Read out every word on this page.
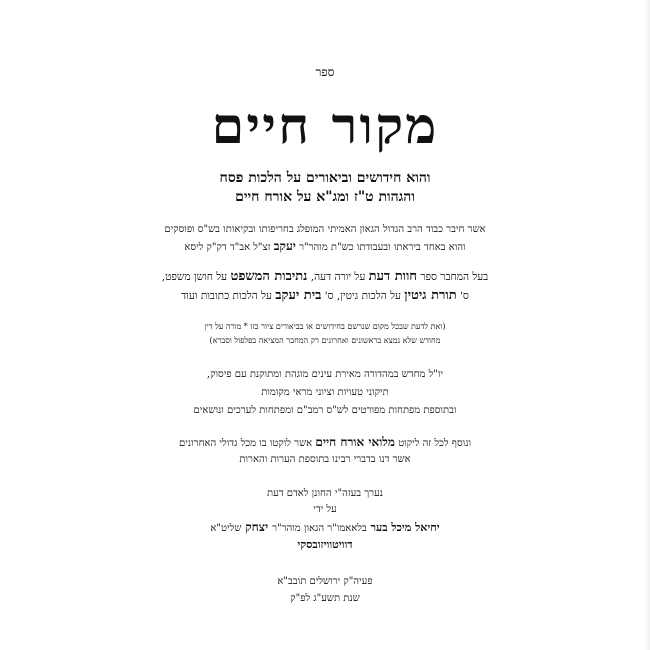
ספר
מקור חיים
והוא חידושים וביאורים על הלכות פסח
והגהות ט"ז ומג"א על אורח חיים
אשר חיבר כבוד הרב הגדול הגאון האמיתי המופלג בחריפותו ובקיאותו בש"ס ופוסקים
והוא באחד ביראתו ובעבודתו כש"ת מוהר"ר יעקב זצ"ל אב"ד דק"ק ליסא
בעל המחבר ספר חוות דעת על יורה דעה, נתיבות המשפט על חושן משפט,
ס' תורת גיטין על הלכות גיטין, ס' בית יעקב על הלכות כתובות ועוד
(ואת לדעת שבכל מקום שנרשם בחידושים או בביאורים ציור כזו * מורה על דין
מחודש שלא נמצא בראשונים ואחרונים רק המחבר המציאה בפלפול וסברא)
יו"ל מחדש במהדורה מאירת עינים מוגהת ומתוקנת עם פיסוק,
תיקוני טעויות וציוני מראי מקומות
ובתוספת מפתחות מפורטים לש"ס רמב"ם ומפתחות לערכים ונושאים
ונוסף לכל זה ליקוט מלואי אורח חיים אשר לוקטו בו מכל גדולי האחרונים
אשר דנו בדברי רבינו בתוספת הערות והארות
נערך בעזה"י החונן לאדם דעת
על ידי
יחיאל מיכל בער בלאאמו"ר הגאון מוהר"ר יצחק שליט"א
דוויטוויזובסקי
פעיה"ק ירושלים תובב"א
שנת תשע"ג לפ"ק
